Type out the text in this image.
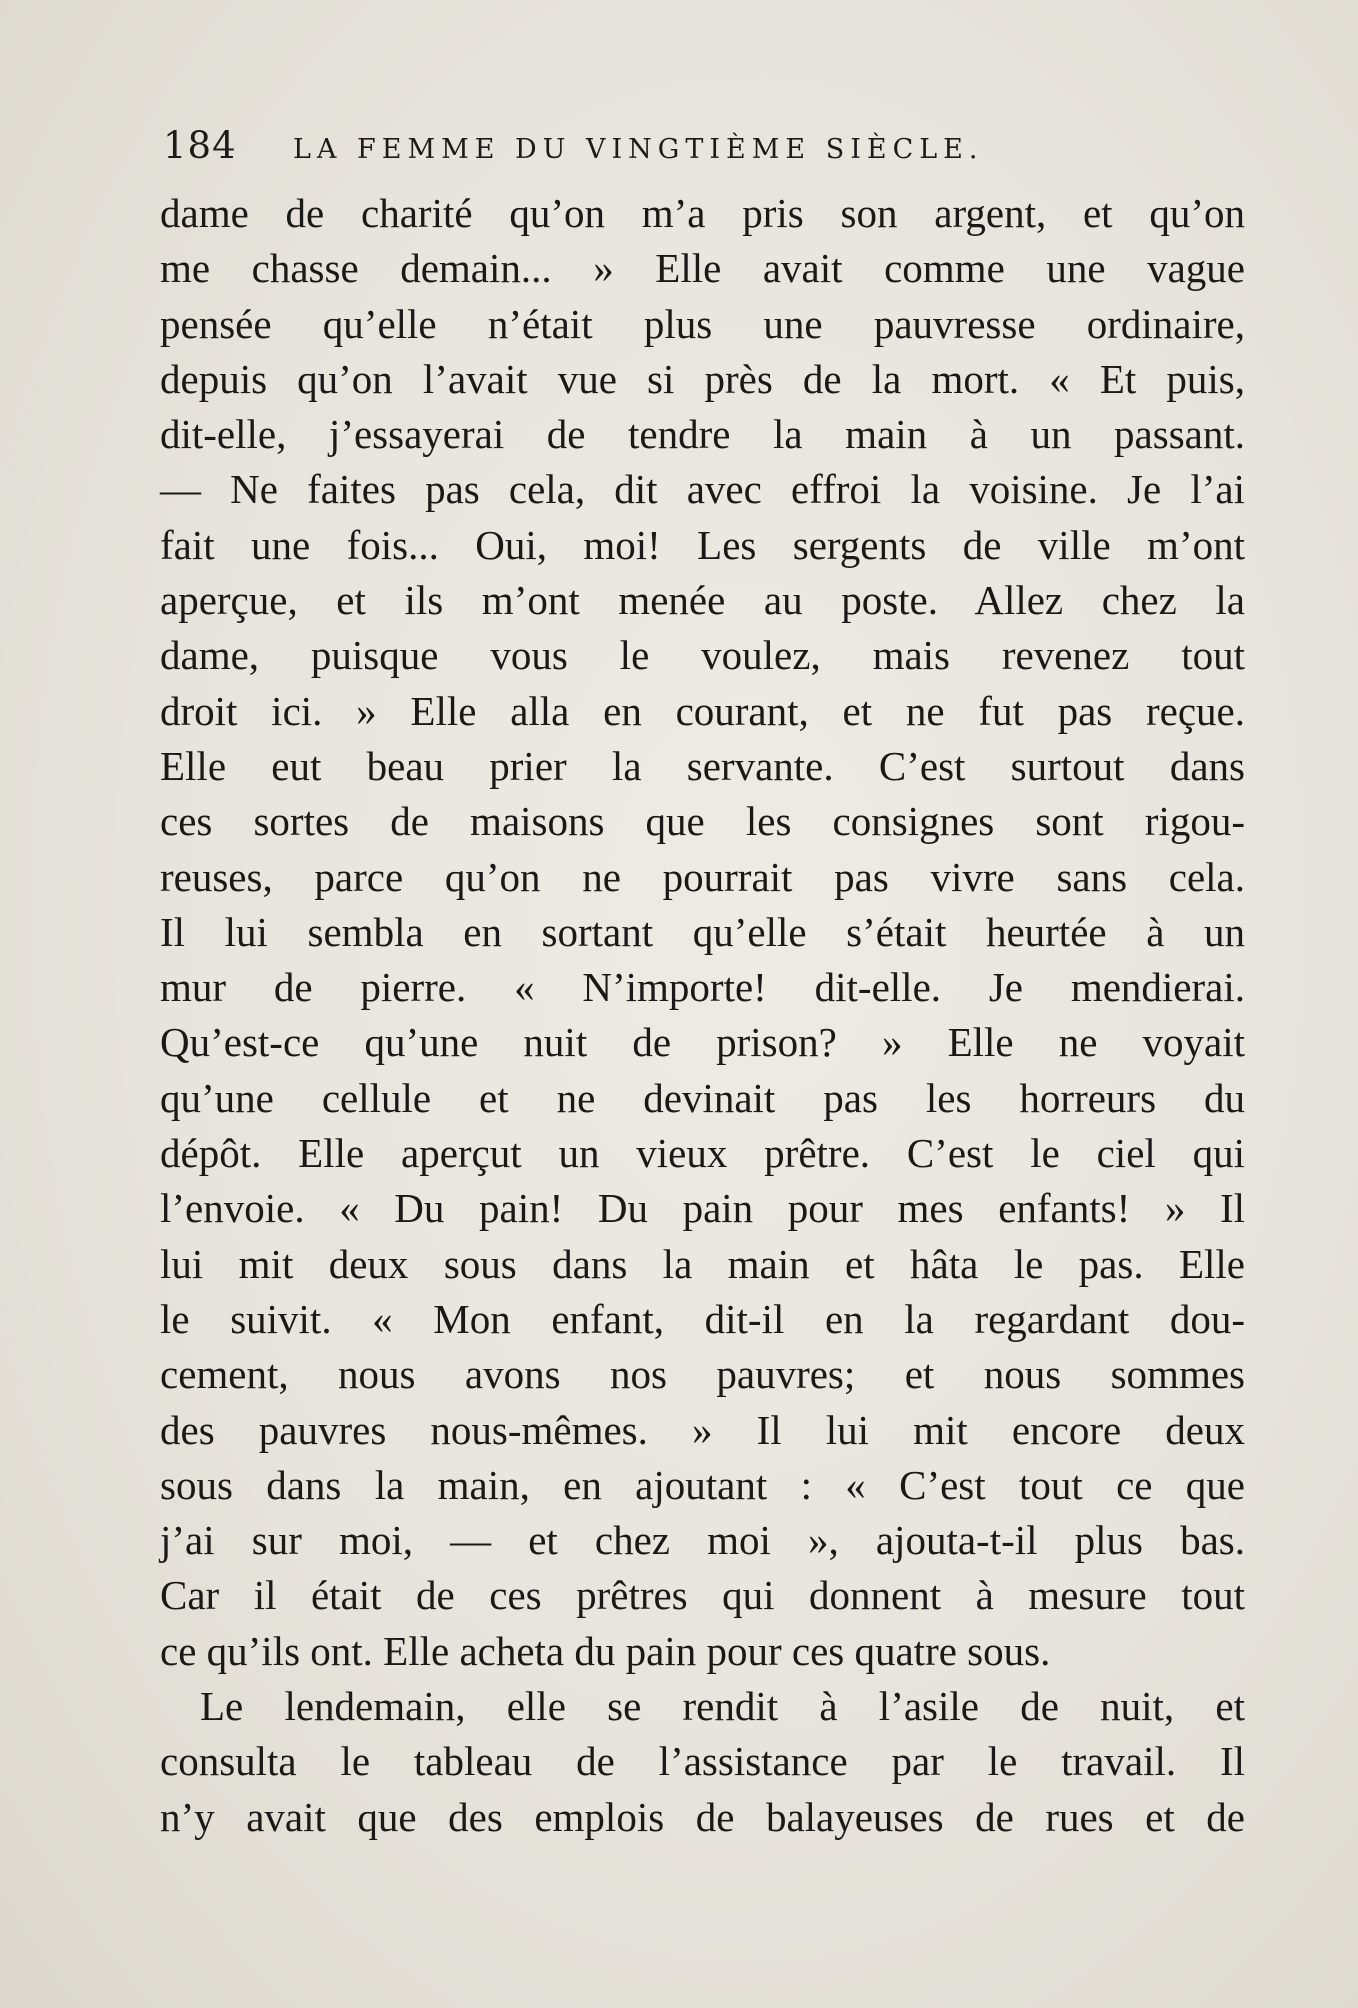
184 LA FEMME DU VINGTIÈME SIÈCLE.
dame de charité qu’on m’a pris son argent, et qu’on
me chasse demain... » Elle avait comme une vague
pensée qu’elle n’était plus une pauvresse ordinaire,
depuis qu’on l’avait vue si près de la mort. « Et puis,
dit-elle, j’essayerai de tendre la main à un passant.
— Ne faites pas cela, dit avec effroi la voisine. Je l’ai
fait une fois... Oui, moi! Les sergents de ville m’ont
aperçue, et ils m’ont menée au poste. Allez chez la
dame, puisque vous le voulez, mais revenez tout
droit ici. » Elle alla en courant, et ne fut pas reçue.
Elle eut beau prier la servante. C’est surtout dans
ces sortes de maisons que les consignes sont rigou-
reuses, parce qu’on ne pourrait pas vivre sans cela.
Il lui sembla en sortant qu’elle s’était heurtée à un
mur de pierre. « N’importe! dit-elle. Je mendierai.
Qu’est-ce qu’une nuit de prison? » Elle ne voyait
qu’une cellule et ne devinait pas les horreurs du
dépôt. Elle aperçut un vieux prêtre. C’est le ciel qui
l’envoie. « Du pain! Du pain pour mes enfants! » Il
lui mit deux sous dans la main et hâta le pas. Elle
le suivit. « Mon enfant, dit-il en la regardant dou-
cement, nous avons nos pauvres; et nous sommes
des pauvres nous-mêmes. » Il lui mit encore deux
sous dans la main, en ajoutant : « C’est tout ce que
j’ai sur moi, — et chez moi », ajouta-t-il plus bas.
Car il était de ces prêtres qui donnent à mesure tout
ce qu’ils ont. Elle acheta du pain pour ces quatre sous.
Le lendemain, elle se rendit à l’asile de nuit, et
consulta le tableau de l’assistance par le travail. Il
n’y avait que des emplois de balayeuses de rues et de
